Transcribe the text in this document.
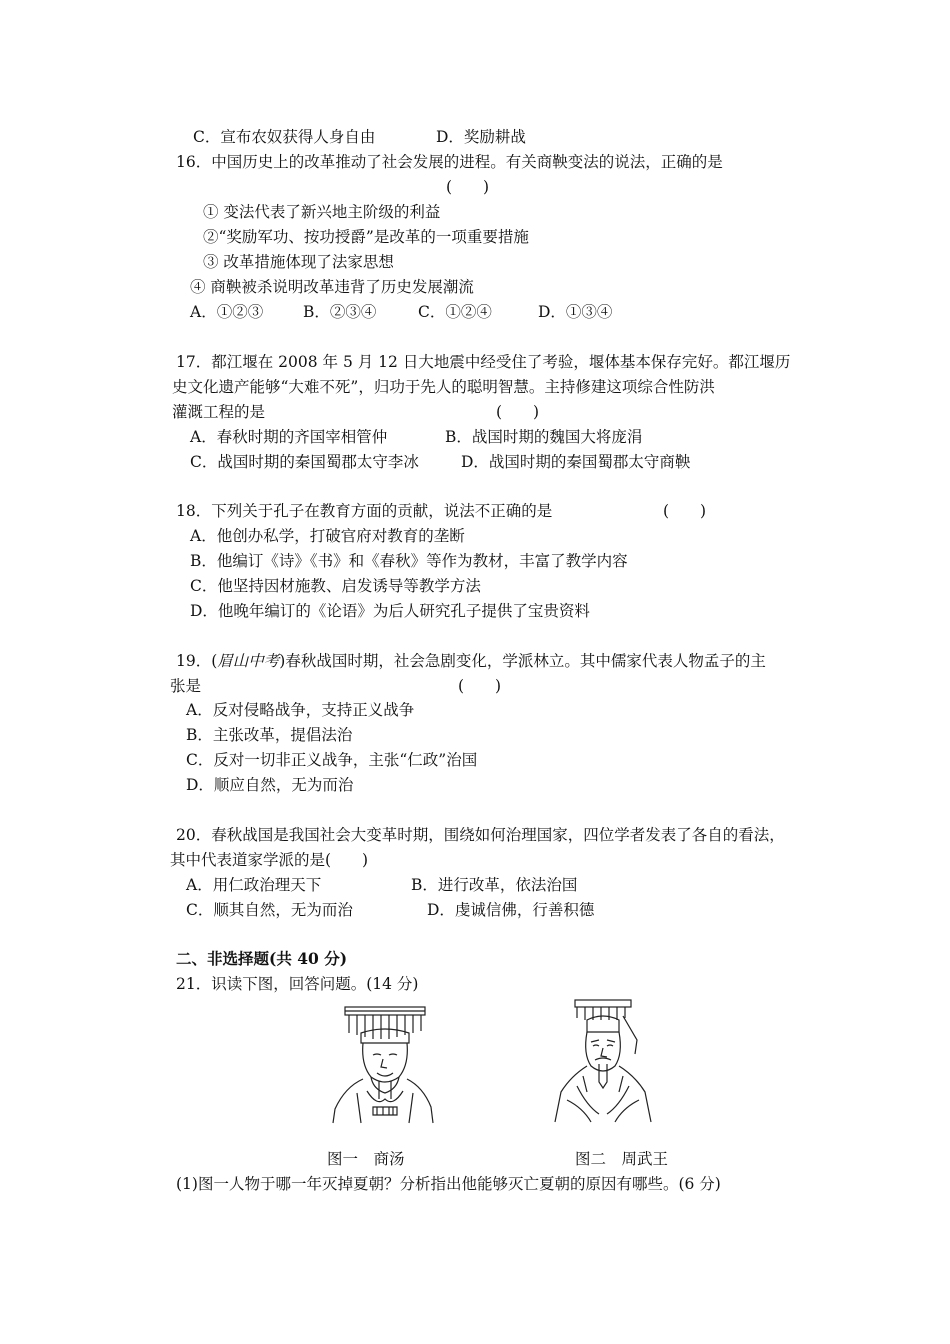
C．宣布农奴获得人身自由	D．奖励耕战
16．中国历史上的改革推动了社会发展的进程。有关商鞅变法的说法，正确的是
(　　)
① 变法代表了新兴地主阶级的利益
②“奖励军功、按功授爵”是改革的一项重要措施
③ 改革措施体现了法家思想
④ 商鞅被杀说明改革违背了历史发展潮流
A．①②③	B．②③④	C．①②④	D．①③④
17．都江堰在 2008 年 5 月 12 日大地震中经受住了考验，堰体基本保存完好。都江堰历
史文化遗产能够“大难不死”，归功于先人的聪明智慧。主持修建这项综合性防洪
灌溉工程的是	(　　)
A．春秋时期的齐国宰相管仲	B．战国时期的魏国大将庞涓
C．战国时期的秦国蜀郡太守李冰	D．战国时期的秦国蜀郡太守商鞅
18．下列关于孔子在教育方面的贡献，说法不正确的是	(　　)
A．他创办私学，打破官府对教育的垄断
B．他编订《诗》《书》和《春秋》等作为教材，丰富了教学内容
C．他坚持因材施教、启发诱导等教学方法
D．他晚年编订的《论语》为后人研究孔子提供了宝贵资料
19．(眉山中考)春秋战国时期，社会急剧变化，学派林立。其中儒家代表人物孟子的主
张是	(　　)
A．反对侵略战争，支持正义战争
B．主张改革，提倡法治
C．反对一切非正义战争，主张“仁政”治国
D．顺应自然，无为而治
20．春秋战国是我国社会大变革时期，围绕如何治理国家，四位学者发表了各自的看法，
其中代表道家学派的是(　　)
A．用仁政治理天下	B．进行改革，依法治国
C．顺其自然，无为而治	D．虔诚信佛，行善积德
二、非选择题(共 40 分)
21．识读下图，回答问题。(14 分)
图一　商汤	图二　周武王
(1)图一人物于哪一年灭掉夏朝？分析指出他能够灭亡夏朝的原因有哪些。(6 分)
